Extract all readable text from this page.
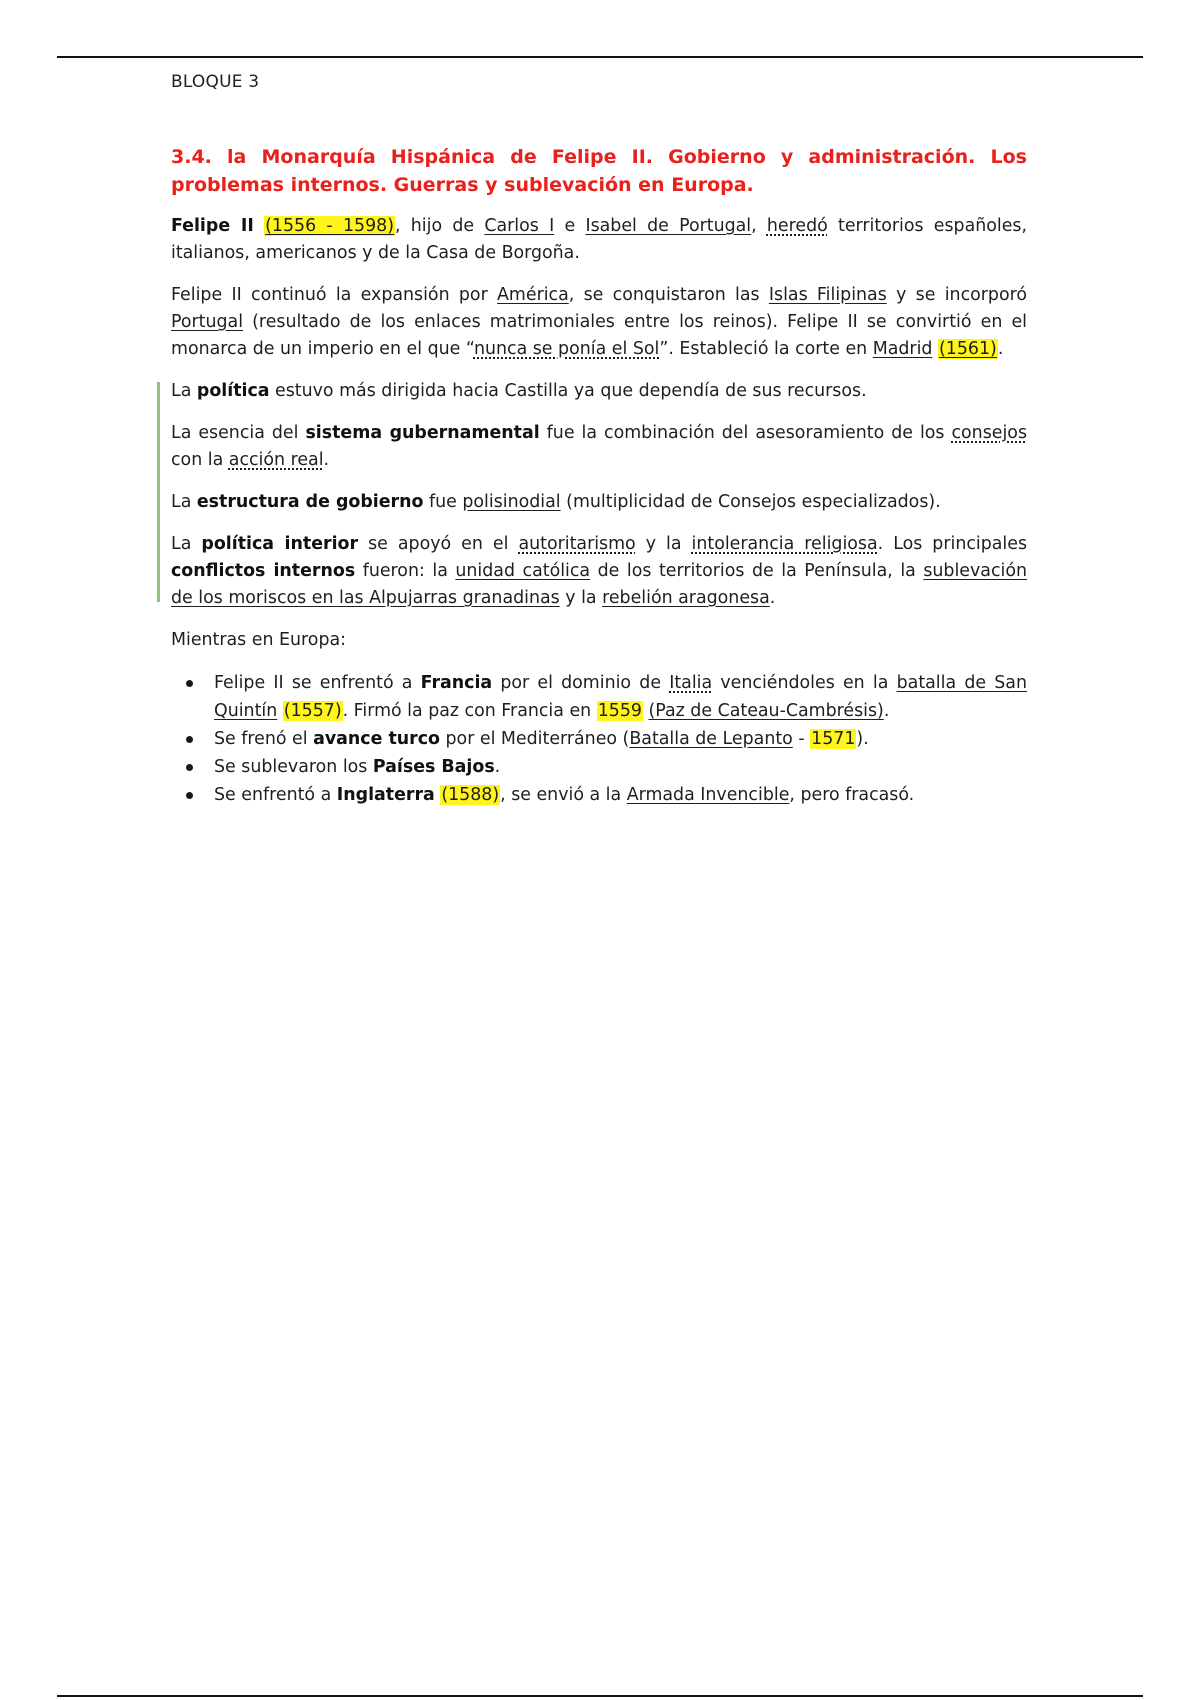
BLOQUE 3
3.4. la Monarquía Hispánica de Felipe II. Gobierno y administración. Los problemas internos. Guerras y sublevación en Europa.

Felipe II (1556 - 1598), hijo de Carlos I e Isabel de Portugal, heredó territorios españoles, italianos, americanos y de la Casa de Borgoña.

Felipe II continuó la expansión por América, se conquistaron las Islas Filipinas y se incorporó Portugal (resultado de los enlaces matrimoniales entre los reinos). Felipe II se convirtió en el monarca de un imperio en el que “nunca se ponía el Sol”. Estableció la corte en Madrid (1561).

La política estuvo más dirigida hacia Castilla ya que dependía de sus recursos.

La esencia del sistema gubernamental fue la combinación del asesoramiento de los consejos con la acción real.

La estructura de gobierno fue polisinodial (multiplicidad de Consejos especializados).

La política interior se apoyó en el autoritarismo y la intolerancia religiosa. Los principales conflictos internos fueron: la unidad católica de los territorios de la Península, la sublevación de los moriscos en las Alpujarras granadinas y la rebelión aragonesa.

Mientras en Europa:

Felipe II se enfrentó a Francia por el dominio de Italia venciéndoles en la batalla de San Quintín (1557). Firmó la paz con Francia en 1559 (Paz de Cateau-Cambrésis).
Se frenó el avance turco por el Mediterráneo (Batalla de Lepanto - 1571).
Se sublevaron los Países Bajos.
Se enfrentó a Inglaterra (1588), se envió a la Armada Invencible, pero fracasó.
